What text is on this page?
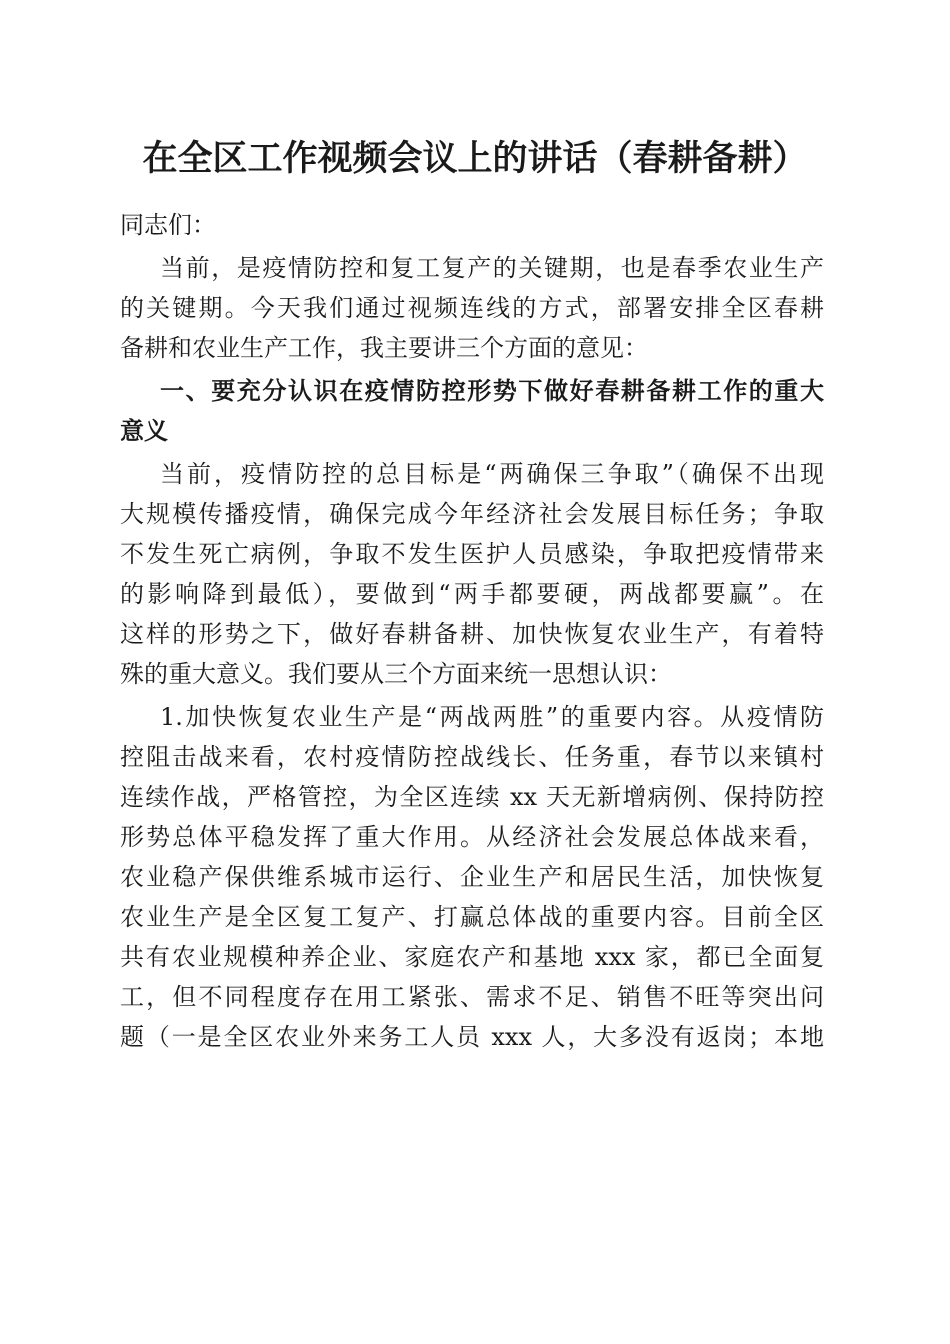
在全区工作视频会议上的讲话（春耕备耕）

同志们：

当前，是疫情防控和复工复产的关键期，也是春季农业生产

的关键期。今天我们通过视频连线的方式，部署安排全区春耕

备耕和农业生产工作，我主要讲三个方面的意见：

一、要充分认识在疫情防控形势下做好春耕备耕工作的重大

意义

当前，疫情防控的总目标是“两确保三争取”（确保不出现

大规模传播疫情，确保完成今年经济社会发展目标任务；争取

不发生死亡病例，争取不发生医护人员感染，争取把疫情带来

的影响降到最低），要做到“两手都要硬，两战都要赢”。在

这样的形势之下，做好春耕备耕、加快恢复农业生产，有着特

殊的重大意义。我们要从三个方面来统一思想认识：

1.加快恢复农业生产是“两战两胜”的重要内容。从疫情防

控阻击战来看，农村疫情防控战线长、任务重，春节以来镇村

连续作战，严格管控，为全区连续 xx 天无新增病例、保持防控

形势总体平稳发挥了重大作用。从经济社会发展总体战来看，

农业稳产保供维系城市运行、企业生产和居民生活，加快恢复

农业生产是全区复工复产、打赢总体战的重要内容。目前全区

共有农业规模种养企业、家庭农产和基地 xxx 家，都已全面复

工，但不同程度存在用工紧张、需求不足、销售不旺等突出问

题（一是全区农业外来务工人员 xxx 人，大多没有返岗；本地
